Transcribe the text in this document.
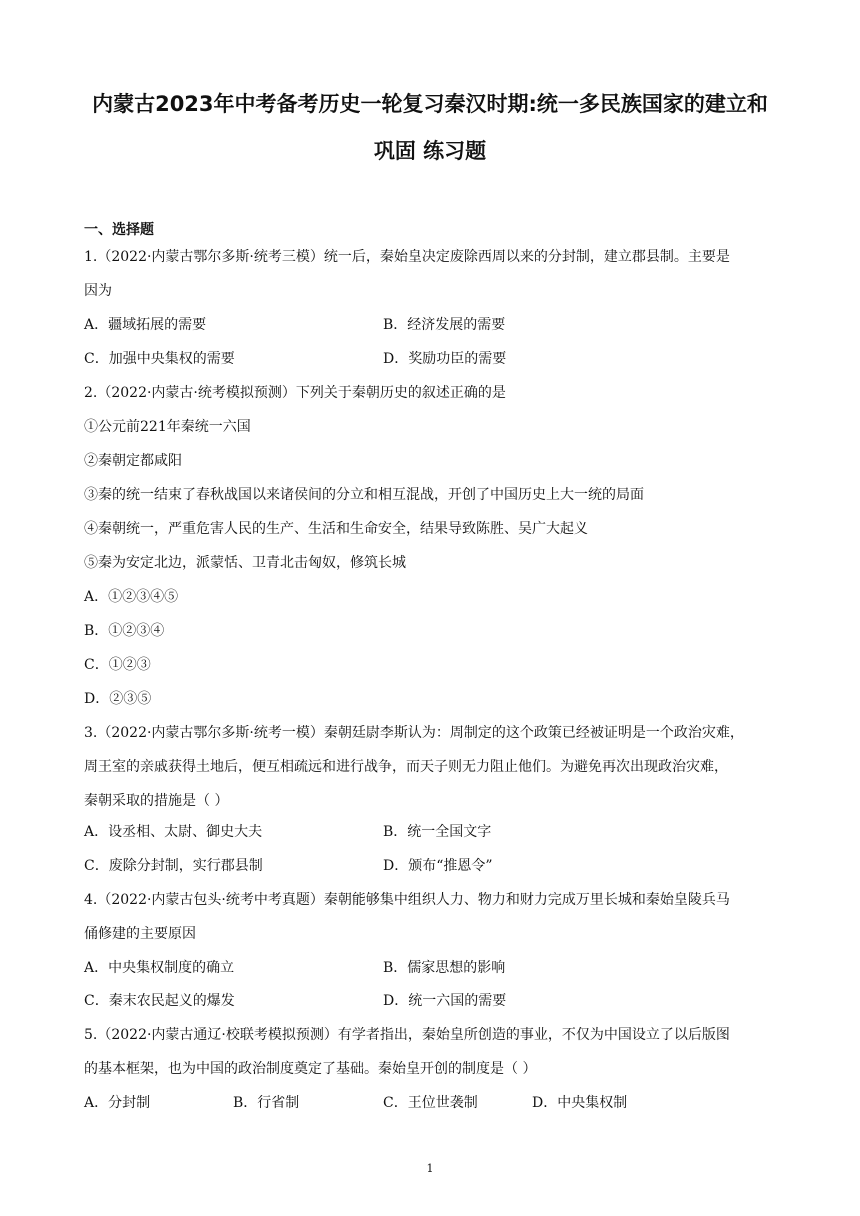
内蒙古2023年中考备考历史一轮复习秦汉时期:统一多民族国家的建立和
巩固 练习题
一、选择题
1.（2022·内蒙古鄂尔多斯·统考三模）统一后，秦始皇决定废除西周以来的分封制，建立郡县制。主要是
因为
A．疆域拓展的需要	B．经济发展的需要
C．加强中央集权的需要	D．奖励功臣的需要
2.（2022·内蒙古·统考模拟预测）下列关于秦朝历史的叙述正确的是
①公元前221年秦统一六国
②秦朝定都咸阳
③秦的统一结束了春秋战国以来诸侯间的分立和相互混战，开创了中国历史上大一统的局面
④秦朝统一，严重危害人民的生产、生活和生命安全，结果导致陈胜、吴广大起义
⑤秦为安定北边，派蒙恬、卫青北击匈奴，修筑长城
A．①②③④⑤
B．①②③④
C．①②③
D．②③⑤
3.（2022·内蒙古鄂尔多斯·统考一模）秦朝廷尉李斯认为：周制定的这个政策已经被证明是一个政治灾难，
周王室的亲戚获得土地后，便互相疏远和进行战争，而天子则无力阻止他们。为避免再次出现政治灾难，
秦朝采取的措施是（ ）
A．设丞相、太尉、御史大夫	B．统一全国文字
C．废除分封制，实行郡县制	D．颁布“推恩令”
4.（2022·内蒙古包头·统考中考真题）秦朝能够集中组织人力、物力和财力完成万里长城和秦始皇陵兵马
俑修建的主要原因
A．中央集权制度的确立	B．儒家思想的影响
C．秦末农民起义的爆发	D．统一六国的需要
5.（2022·内蒙古通辽·校联考模拟预测）有学者指出，秦始皇所创造的事业，不仅为中国设立了以后版图
的基本框架，也为中国的政治制度奠定了基础。秦始皇开创的制度是（ ）
A．分封制	B．行省制	C．王位世袭制	D．中央集权制
1
